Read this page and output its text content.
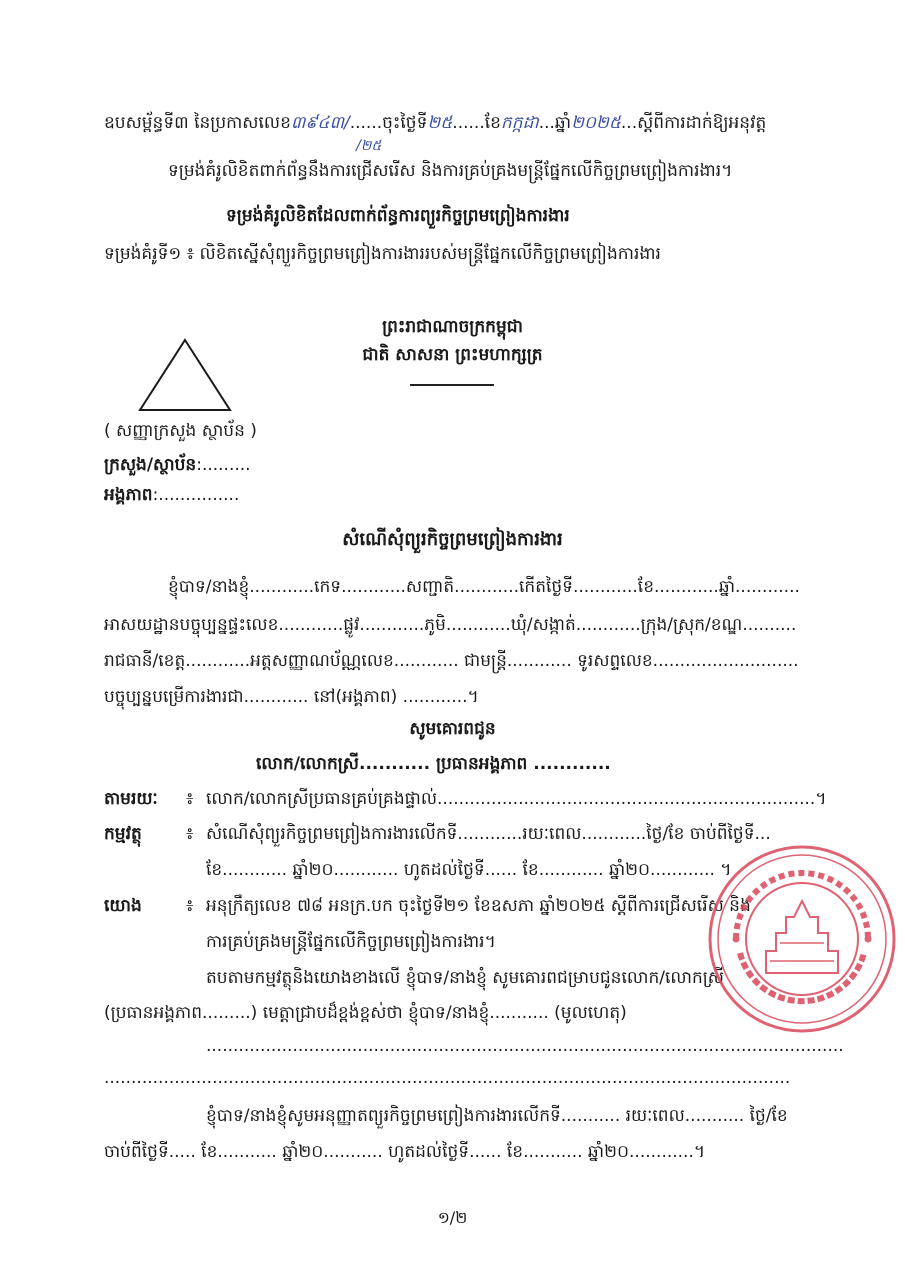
ឧបសម្ព័ន្ធទី៣ នៃប្រកាសលេខ៣៩៤៣/......ចុះថ្ងៃទី២៥......ខែកក្កដា...ឆ្នាំ២០២៥...ស្តីពីការដាក់ឱ្យអនុវត្ត
/២៥
ទម្រង់គំរូលិខិតពាក់ព័ន្ធនឹងការជ្រើសរើស និងការគ្រប់គ្រងមន្ត្រីផ្នែកលើកិច្ចព្រមព្រៀងការងារ។
ទម្រង់គំរូលិខិតដែលពាក់ព័ន្ធការព្យួរកិច្ចព្រមព្រៀងការងារ
ទម្រង់គំរូទី១ ៖ លិខិតស្នើសុំព្យួរកិច្ចព្រមព្រៀងការងាររបស់មន្ត្រីផ្នែកលើកិច្ចព្រមព្រៀងការងារ
ព្រះរាជាណាចក្រកម្ពុជា
ជាតិ សាសនា ព្រះមហាក្សត្រ
( សញ្ញាក្រសួង ស្ថាប័ន )
ក្រសួង/ស្ថាប័ន:.........
អង្គភាព:...............
សំណើសុំព្យួរកិច្ចព្រមព្រៀងការងារ
ខ្ញុំបាទ/នាងខ្ញុំ............កេទ............សញ្ជាតិ............កើតថ្ងៃទី............ខែ............ឆ្នាំ............
អាសយដ្ឋានបច្ចុប្បន្នផ្ទះលេខ............ផ្លូវ............ភូមិ............ឃុំ/សង្កាត់............ក្រុង/ស្រុក/ខណ្ឌ..........
រាជធានី/ខេត្ត............អត្តសញ្ញាណប័ណ្ណលេខ............ ជាមន្ត្រី............ ទូរសព្ទលេខ...........................
បច្ចុប្បន្នបម្រើការងារជា............ នៅ(អង្គភាព) ............។
សូមគោរពជូន
លោក/លោកស្រី........... ប្រធានអង្គភាព ............
តាមរយៈ ៖ លោក/លោកស្រីប្រធានគ្រប់គ្រងផ្ទាល់......................................................................។
កម្មវត្ថុ	៖ សំណើសុំព្យួរកិច្ចព្រមព្រៀងការងារលើកទី............រយៈពេល............ថ្ងៃ/ខែ ចាប់ពីថ្ងៃទី...
ខែ............ ឆ្នាំ២០............ ហូតដល់ថ្ងៃទី...... ខែ............ ឆ្នាំ២០............ ។
យោង	៖ អនុក្រឹត្យលេខ ៧៨ អនក្រ.បក ចុះថ្ងៃទី២១ ខែឧសភា ឆ្នាំ២០២៥ ស្តីពីការជ្រើសរើស និង
ការគ្រប់គ្រងមន្ត្រីផ្នែកលើកិច្ចព្រមព្រៀងការងារ។
តបតាមកម្មវត្ថុនិងយោងខាងលើ ខ្ញុំបាទ/នាងខ្ញុំ សូមគោរពជម្រាបជូនលោក/លោកស្រី
(ប្រធានអង្គភាព.........) មេត្តាជ្រាបដ៏ខ្ពង់ខ្ពស់ថា ខ្ញុំបាទ/នាងខ្ញុំ........... (មូលហេតុ)
......................................................................................................................
...............................................................................................................................
ខ្ញុំបាទ/នាងខ្ញុំសូមអនុញ្ញាតព្យួរកិច្ចព្រមព្រៀងការងារលើកទី........... រយៈពេល........... ថ្ងៃ/ខែ
ចាប់ពីថ្ងៃទី..... ខែ........... ឆ្នាំ២០........... ហូតដល់ថ្ងៃទី...... ខែ........... ឆ្នាំ២០............។
១/២
